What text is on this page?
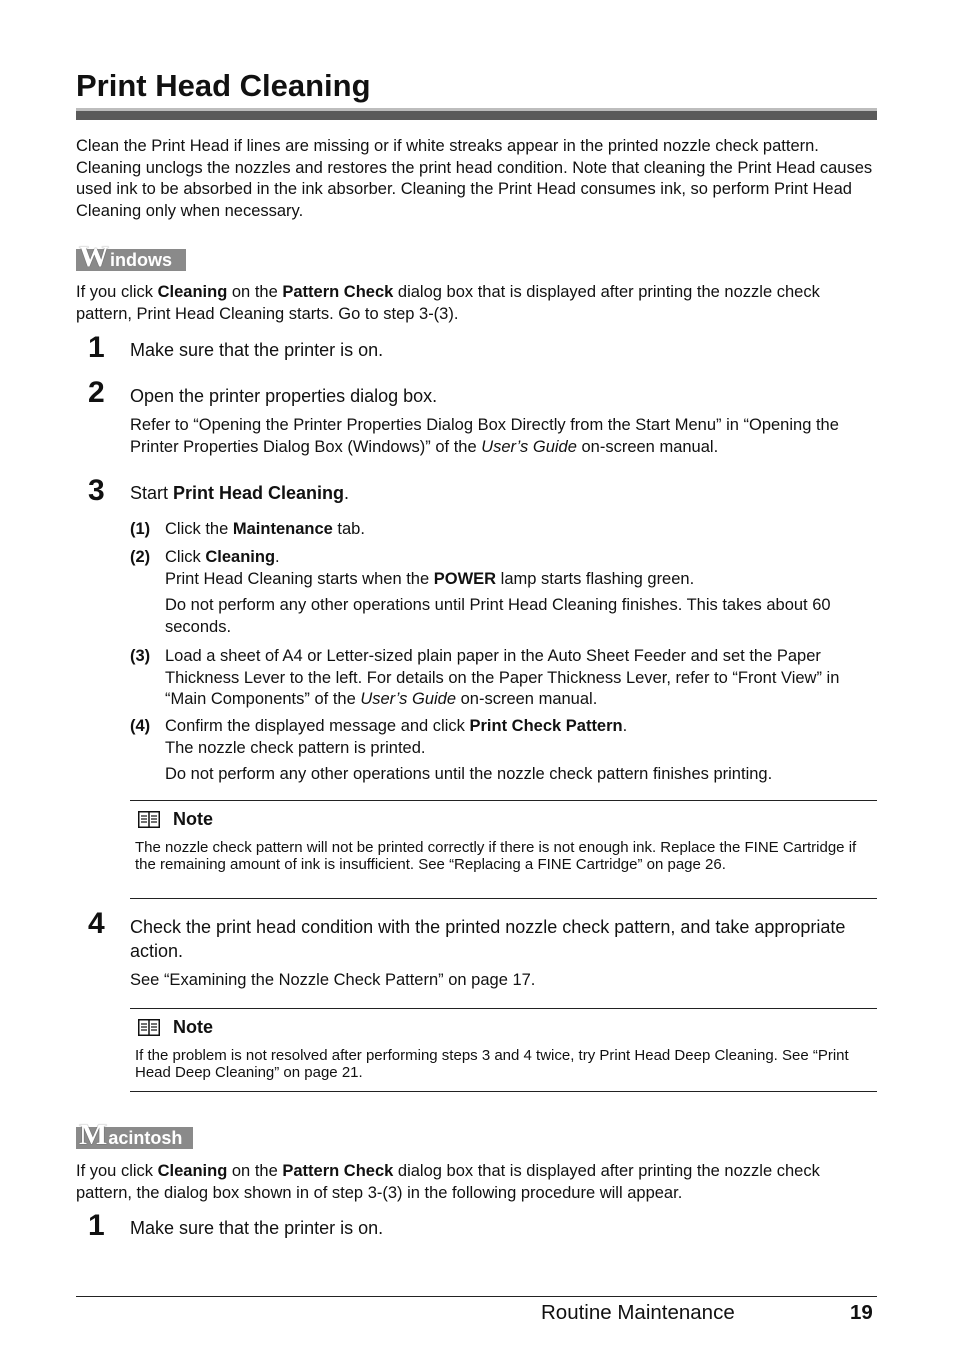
Print Head Cleaning

Clean the Print Head if lines are missing or if white streaks appear in the printed nozzle check pattern. Cleaning unclogs the nozzles and restores the print head condition. Note that cleaning the Print Head causes used ink to be absorbed in the ink absorber. Cleaning the Print Head consumes ink, so perform Print Head Cleaning only when necessary.

W indows

If you click Cleaning on the Pattern Check dialog box that is displayed after printing the nozzle check pattern, Print Head Cleaning starts. Go to step 3-(3).

1 Make sure that the printer is on.

2 Open the printer properties dialog box.

Refer to “Opening the Printer Properties Dialog Box Directly from the Start Menu” in “Opening the Printer Properties Dialog Box (Windows)” of the User’s Guide on-screen manual.

3 Start Print Head Cleaning.

(1) Click the Maintenance tab.

(2) Click Cleaning.

Print Head Cleaning starts when the POWER lamp starts flashing green.

Do not perform any other operations until Print Head Cleaning finishes. This takes about 60 seconds.

(3) Load a sheet of A4 or Letter-sized plain paper in the Auto Sheet Feeder and set the Paper Thickness Lever to the left. For details on the Paper Thickness Lever, refer to “Front View” in “Main Components” of the User’s Guide on-screen manual.

(4) Confirm the displayed message and click Print Check Pattern.

The nozzle check pattern is printed.

Do not perform any other operations until the nozzle check pattern finishes printing.

Note

The nozzle check pattern will not be printed correctly if there is not enough ink. Replace the FINE Cartridge if the remaining amount of ink is insufficient. See “Replacing a FINE Cartridge” on page 26.

4 Check the print head condition with the printed nozzle check pattern, and take appropriate action.

See “Examining the Nozzle Check Pattern” on page 17.

Note

If the problem is not resolved after performing steps 3 and 4 twice, try Print Head Deep Cleaning. See “Print Head Deep Cleaning” on page 21.

M acintosh

If you click Cleaning on the Pattern Check dialog box that is displayed after printing the nozzle check pattern, the dialog box shown in of step 3-(3) in the following procedure will appear.

1 Make sure that the printer is on.

Routine Maintenance	19
